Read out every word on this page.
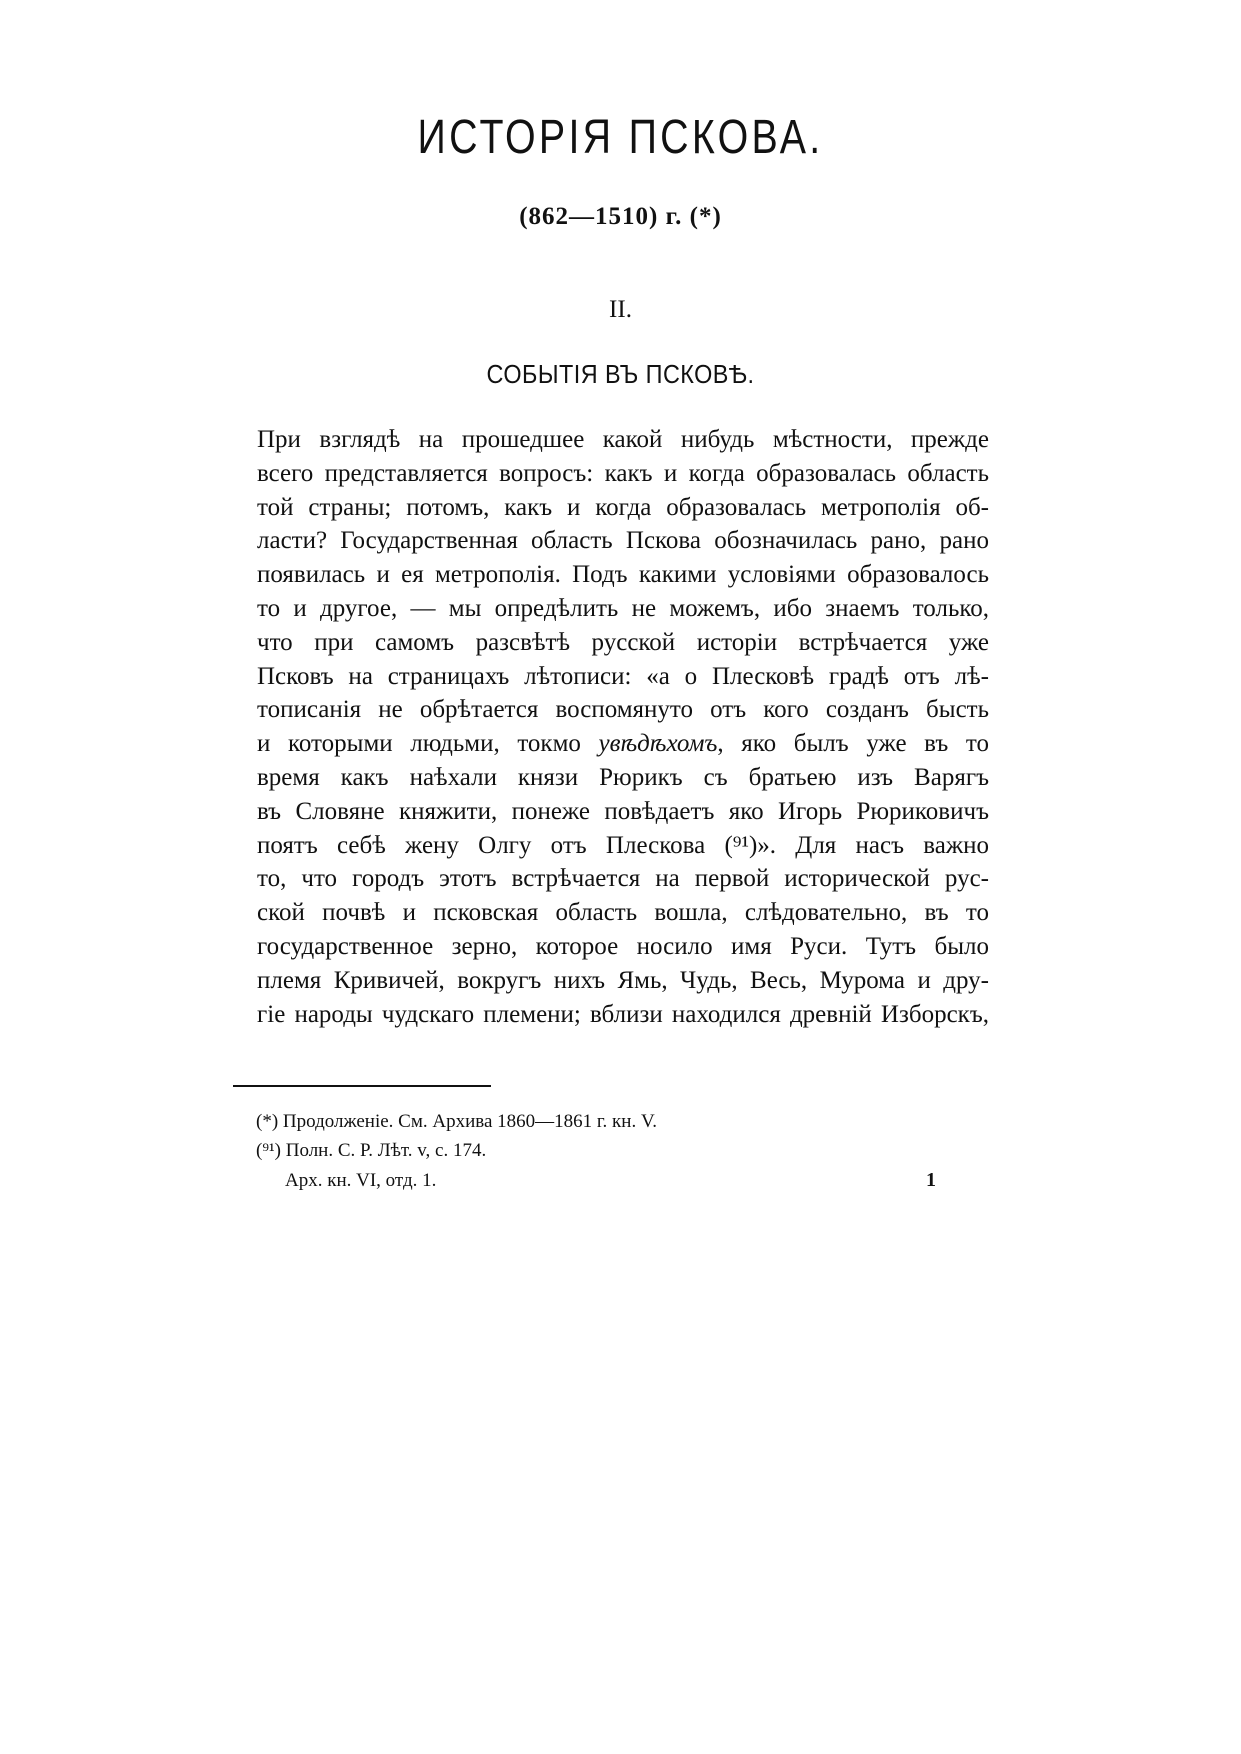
ИСТОРІЯ ПСКОВА.
(862—1510) г. (*)
II.
СОБЫТІЯ ВЪ ПСКОВѢ.
При взглядѣ на прошедшее какой нибудь мѣстности, прежде
всего представляется вопросъ: какъ и когда образовалась область
той страны; потомъ, какъ и когда образовалась метрополія об-
ласти? Государственная область Пскова обозначилась рано, рано
появилась и ея метрополія. Подъ какими условіями образовалось
то и другое, — мы опредѣлить не можемъ, ибо знаемъ только,
что при самомъ разсвѣтѣ русской исторіи встрѣчается уже
Псковъ на страницахъ лѣтописи: «а о Плесковѣ градѣ отъ лѣ-
тописанія не обрѣтается воспомянуто отъ кого созданъ бысть
и которыми людьми, токмо увѣдѣхомъ, яко былъ уже въ то
время какъ наѣхали князи Рюрикъ съ братьею изъ Варягъ
въ Словяне княжити, понеже повѣдаетъ яко Игорь Рюриковичъ
поятъ себѣ жену Олгу отъ Плескова (⁹¹)». Для насъ важно
то, что городъ этотъ встрѣчается на первой исторической рус-
ской почвѣ и псковская область вошла, слѣдовательно, въ то
государственное зерно, которое носило имя Руси. Тутъ было
племя Кривичей, вокругъ нихъ Ямь, Чудь, Весь, Мурома и дру-
гіе народы чудскаго племени; вблизи находился древній Изборскъ,
(*) Продолженіе. См. Архива 1860—1861 г. кн. V.
(⁹¹) Полн. С. Р. Лѣт. v, с. 174.
Арх. кн. VI, отд. 1.	1
